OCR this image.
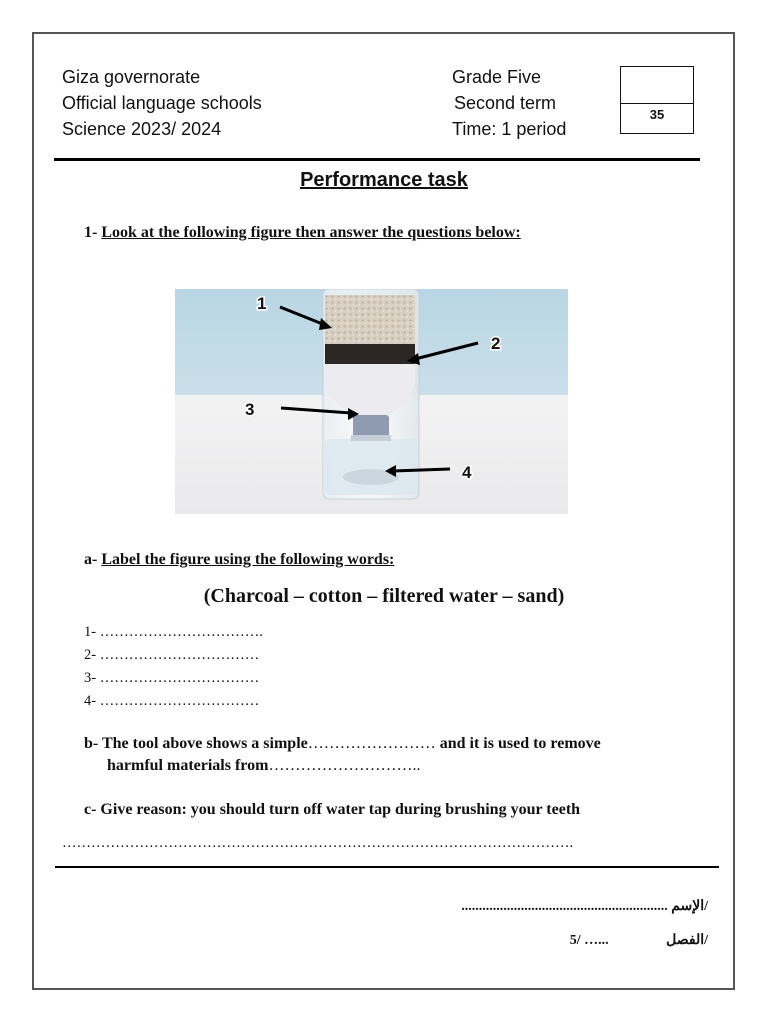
Giza governorate
Official language schools
Science 2023/ 2024
Grade Five
Second term
Time: 1 period
35
Performance task
1- Look at the following figure then answer the questions below:
1
2
3
4
a- Label the figure using the following words:
(Charcoal – cotton – filtered water – sand)
1- …………………………….
2- ……………………………
3- ……………………………
4- ……………………………
b- The tool above shows a simple…………………… and it is used to remove
harmful materials from………………………..
c- Give reason: you should turn off water tap during brushing your teeth
…………………………………………………………………………………………….
........................................................... الإسم/
5/ …...	الفصل/
